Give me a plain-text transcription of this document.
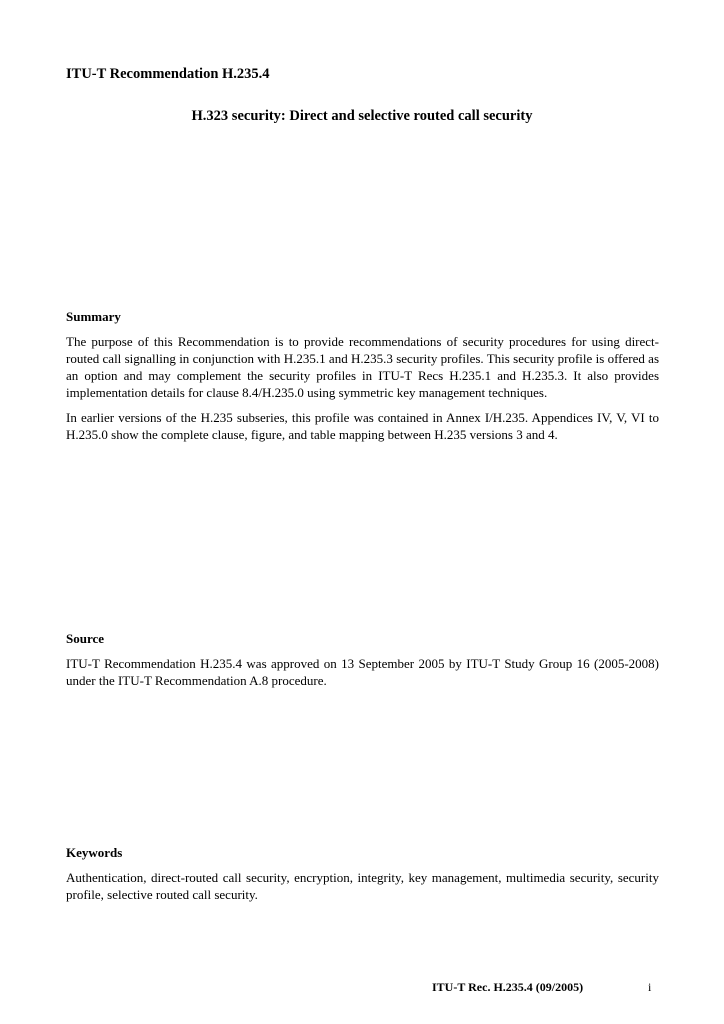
ITU-T Recommendation H.235.4
H.323 security: Direct and selective routed call security
Summary

The purpose of this Recommendation is to provide recommendations of security procedures for using direct-routed call signalling in conjunction with H.235.1 and H.235.3 security profiles. This security profile is offered as an option and may complement the security profiles in ITU-T Recs H.235.1 and H.235.3. It also provides implementation details for clause 8.4/H.235.0 using symmetric key management techniques.

In earlier versions of the H.235 subseries, this profile was contained in Annex I/H.235. Appendices IV, V, VI to H.235.0 show the complete clause, figure, and table mapping between H.235 versions 3 and 4.

Source

ITU-T Recommendation H.235.4 was approved on 13 September 2005 by ITU-T Study Group 16 (2005-2008) under the ITU-T Recommendation A.8 procedure.

Keywords

Authentication, direct-routed call security, encryption, integrity, key management, multimedia security, security profile, selective routed call security.

ITU-T Rec. H.235.4 (09/2005)	i
